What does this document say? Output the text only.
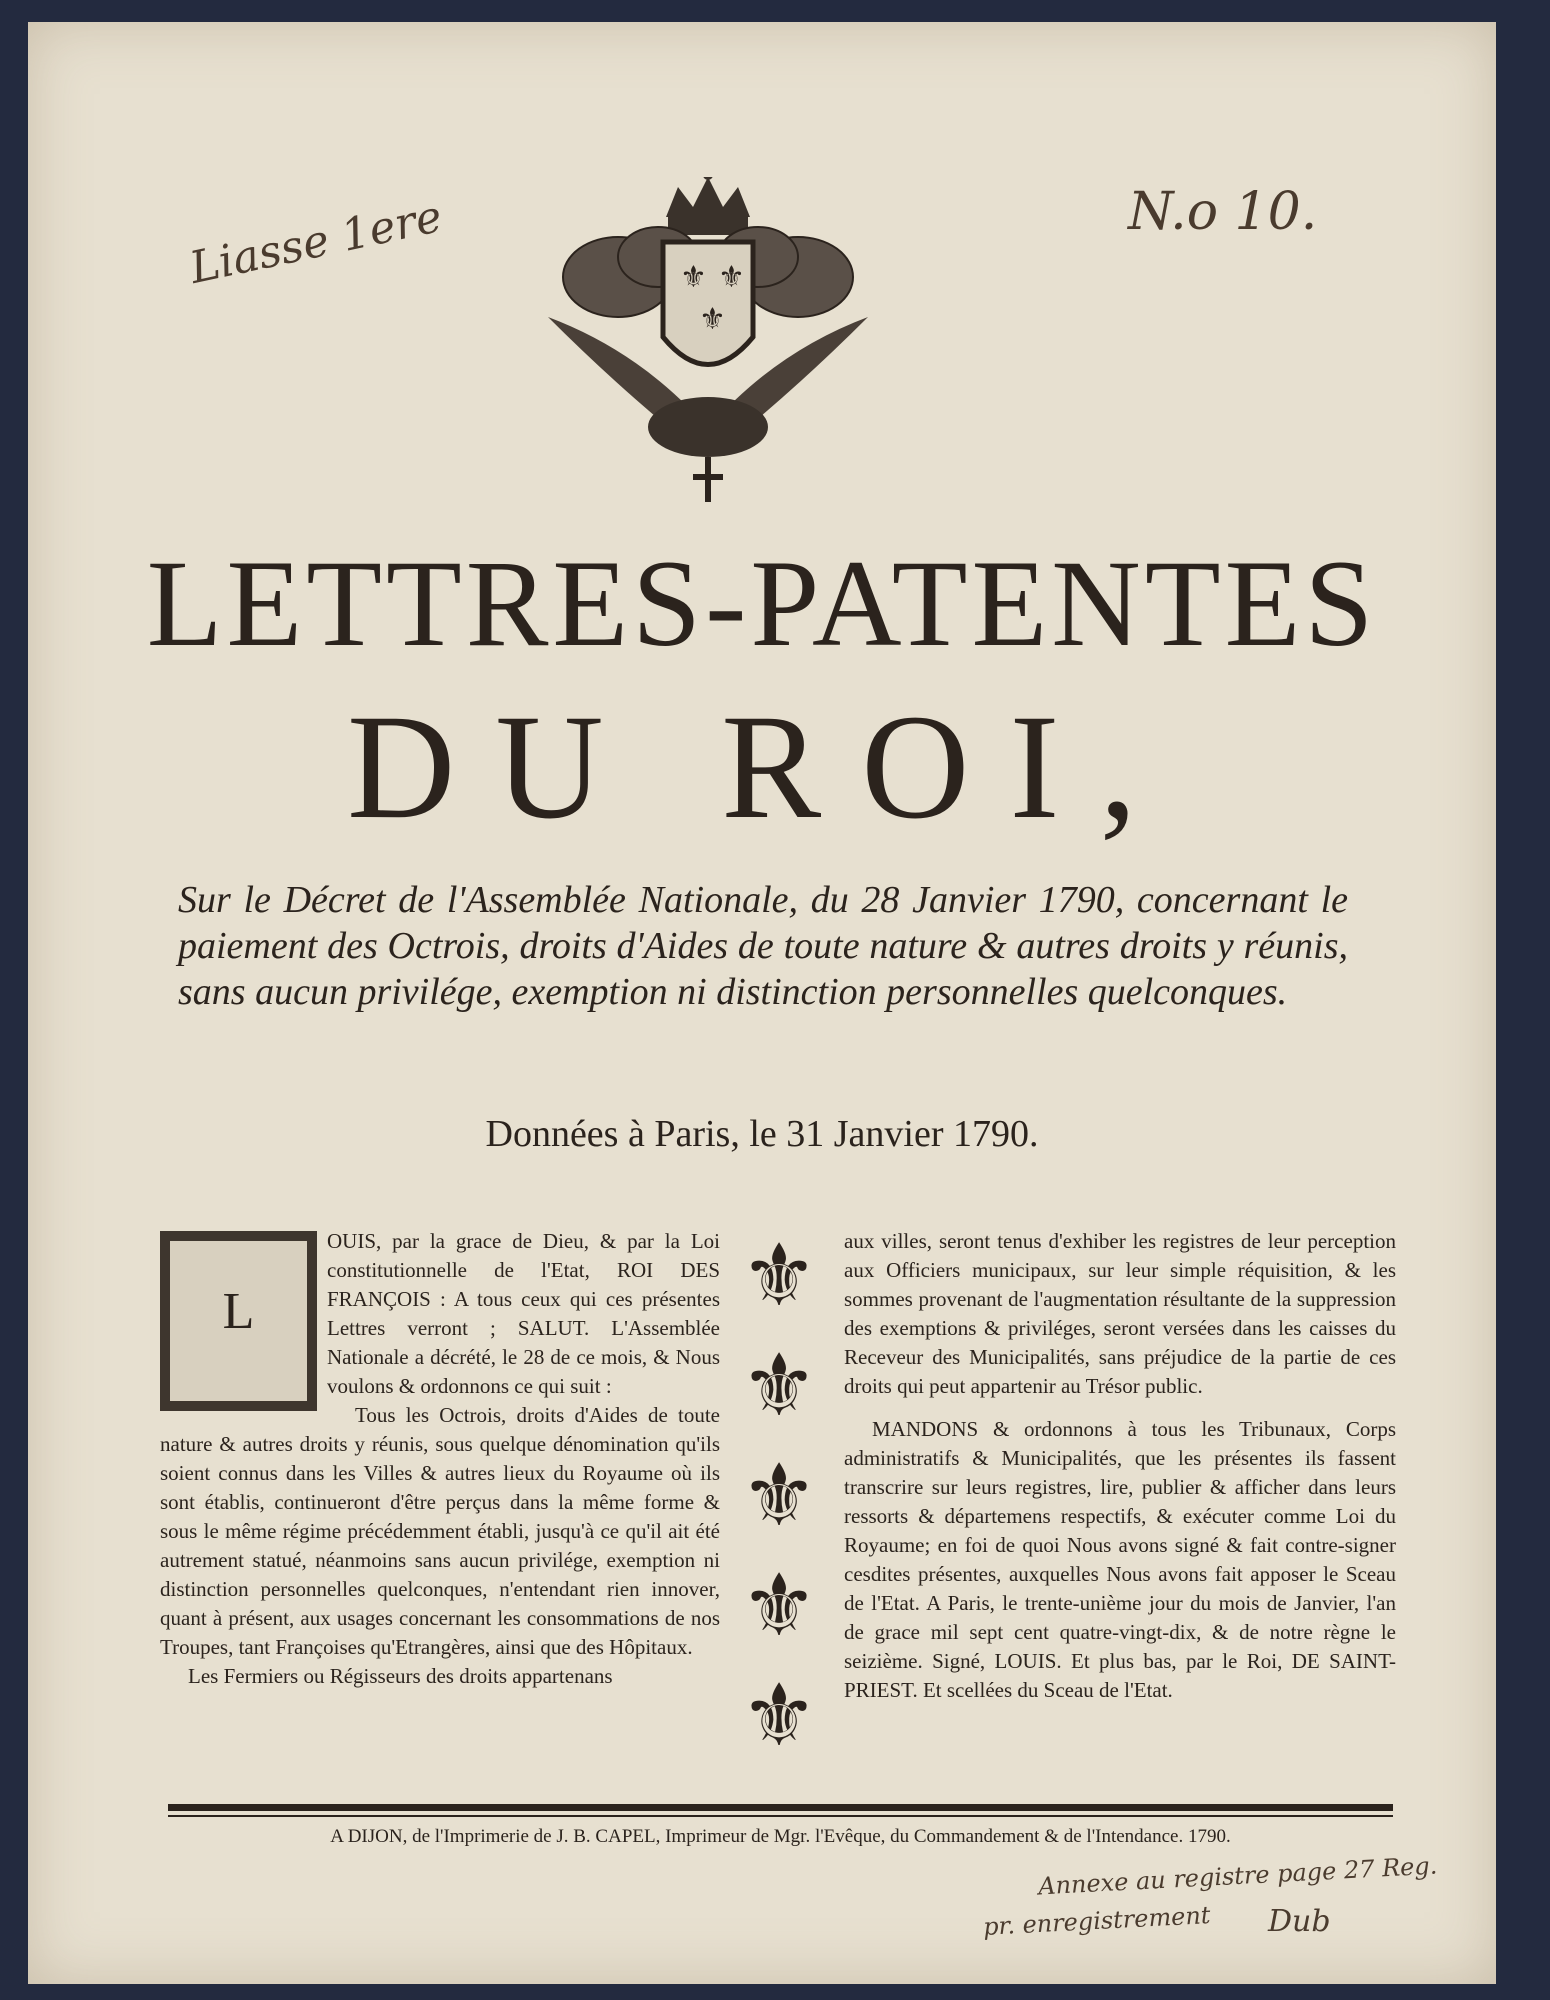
Liasse 1ere	N.o 10.
⚜ ⚜
⚜
LETTRES-PATENTES
DU ROI,
Sur le Décret de l'Assemblée Nationale, du 28 Janvier 1790, concernant le paiement des Octrois, droits d'Aides de toute nature & autres droits y réunis, sans aucun privilége, exemption ni distinction personnelles quelconques.
Données à Paris, le 31 Janvier 1790.
L

OUIS, par la grace de Dieu, & par la Loi constitutionnelle de l'Etat, ROI DES FRANÇOIS : A tous ceux qui ces présentes Lettres verront ; SALUT. L'Assemblée Nationale a décrété, le 28 de ce mois, & Nous voulons & ordonnons ce qui suit :

Tous les Octrois, droits d'Aides de toute nature & autres droits y réunis, sous quelque dénomination qu'ils soient connus dans les Villes & autres lieux du Royaume où ils sont établis, continueront d'être perçus dans la même forme & sous le même régime précédemment établi, jusqu'à ce qu'il ait été autrement statué, néanmoins sans aucun privilége, exemption ni distinction personnelles quelconques, n'entendant rien innover, quant à présent, aux usages concernant les consommations de nos Troupes, tant Françoises qu'Etrangères, ainsi que des Hôpitaux.

Les Fermiers ou Régisseurs des droits appartenans

⚜
⚜
⚜
⚜
⚜

aux villes, seront tenus d'exhiber les registres de leur perception aux Officiers municipaux, sur leur simple réquisition, & les sommes provenant de l'augmentation résultante de la suppression des exemptions & priviléges, seront versées dans les caisses du Receveur des Municipalités, sans préjudice de la partie de ces droits qui peut appartenir au Trésor public.

MANDONS & ordonnons à tous les Tribunaux, Corps administratifs & Municipalités, que les présentes ils fassent transcrire sur leurs registres, lire, publier & afficher dans leurs ressorts & départemens respectifs, & exécuter comme Loi du Royaume; en foi de quoi Nous avons signé & fait contre-signer cesdites présentes, auxquelles Nous avons fait apposer le Sceau de l'Etat. A Paris, le trente-unième jour du mois de Janvier, l'an de grace mil sept cent quatre-vingt-dix, & de notre règne le seizième. Signé, LOUIS. Et plus bas, par le Roi, DE SAINT-PRIEST. Et scellées du Sceau de l'Etat.

A DIJON, de l'Imprimerie de J. B. CAPEL, Imprimeur de Mgr. l'Evêque, du Commandement & de l'Intendance. 1790.
Annexe au registre page 27 Reg.
pr. enregistrement Dub
